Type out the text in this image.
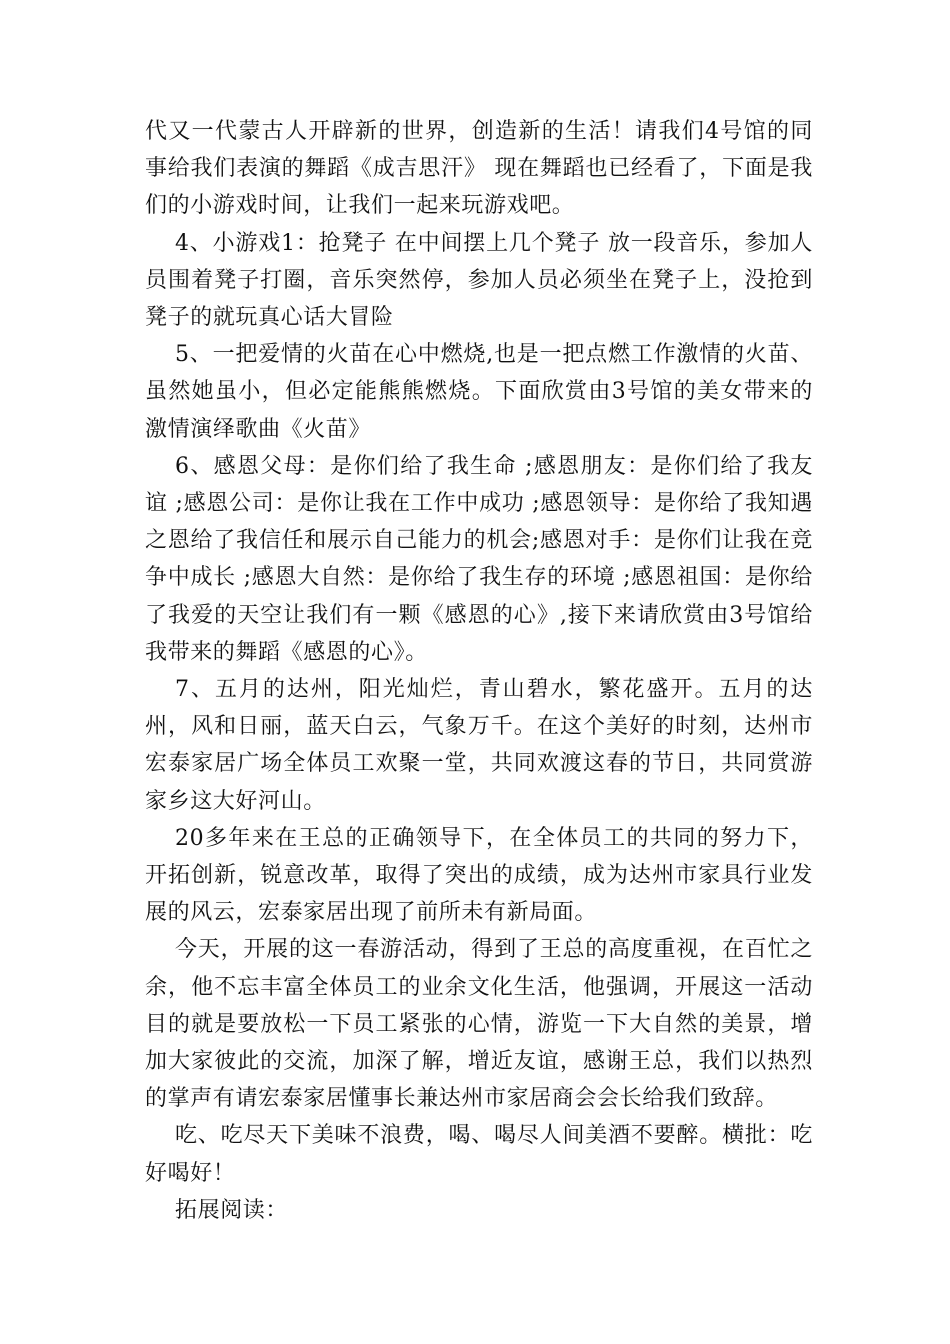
代又一代蒙古人开辟新的世界，创造新的生活！请我们4号馆的同事给我们表演的舞蹈《成吉思汗》 现在舞蹈也已经看了，下面是我们的小游戏时间，让我们一起来玩游戏吧。

4、小游戏1：抢凳子 在中间摆上几个凳子 放一段音乐，参加人员围着凳子打圈，音乐突然停，参加人员必须坐在凳子上，没抢到凳子的就玩真心话大冒险

5、一把爱情的火苗在心中燃烧,也是一把点燃工作激情的火苗、虽然她虽小，但必定能熊熊燃烧。下面欣赏由3号馆的美女带来的激情演绎歌曲《火苗》

6、感恩父母：是你们给了我生命 ;感恩朋友：是你们给了我友谊 ;感恩公司：是你让我在工作中成功 ;感恩领导：是你给了我知遇之恩给了我信任和展示自己能力的机会;感恩对手：是你们让我在竞争中成长 ;感恩大自然：是你给了我生存的环境 ;感恩祖国：是你给了我爱的天空让我们有一颗《感恩的心》,接下来请欣赏由3号馆给我带来的舞蹈《感恩的心》。

7、五月的达州，阳光灿烂，青山碧水，繁花盛开。五月的达州，风和日丽，蓝天白云，气象万千。在这个美好的时刻，达州市宏泰家居广场全体员工欢聚一堂，共同欢渡这春的节日，共同赏游家乡这大好河山。

20多年来在王总的正确领导下，在全体员工的共同的努力下，开拓创新，锐意改革，取得了突出的成绩，成为达州市家具行业发展的风云，宏泰家居出现了前所未有新局面。

今天，开展的这一春游活动，得到了王总的高度重视，在百忙之余，他不忘丰富全体员工的业余文化生活，他强调，开展这一活动目的就是要放松一下员工紧张的心情，游览一下大自然的美景，增加大家彼此的交流，加深了解，增近友谊，感谢王总，我们以热烈的掌声有请宏泰家居懂事长兼达州市家居商会会长给我们致辞。

吃、吃尽天下美味不浪费，喝、喝尽人间美酒不要醉。横批：吃好喝好！

拓展阅读：
